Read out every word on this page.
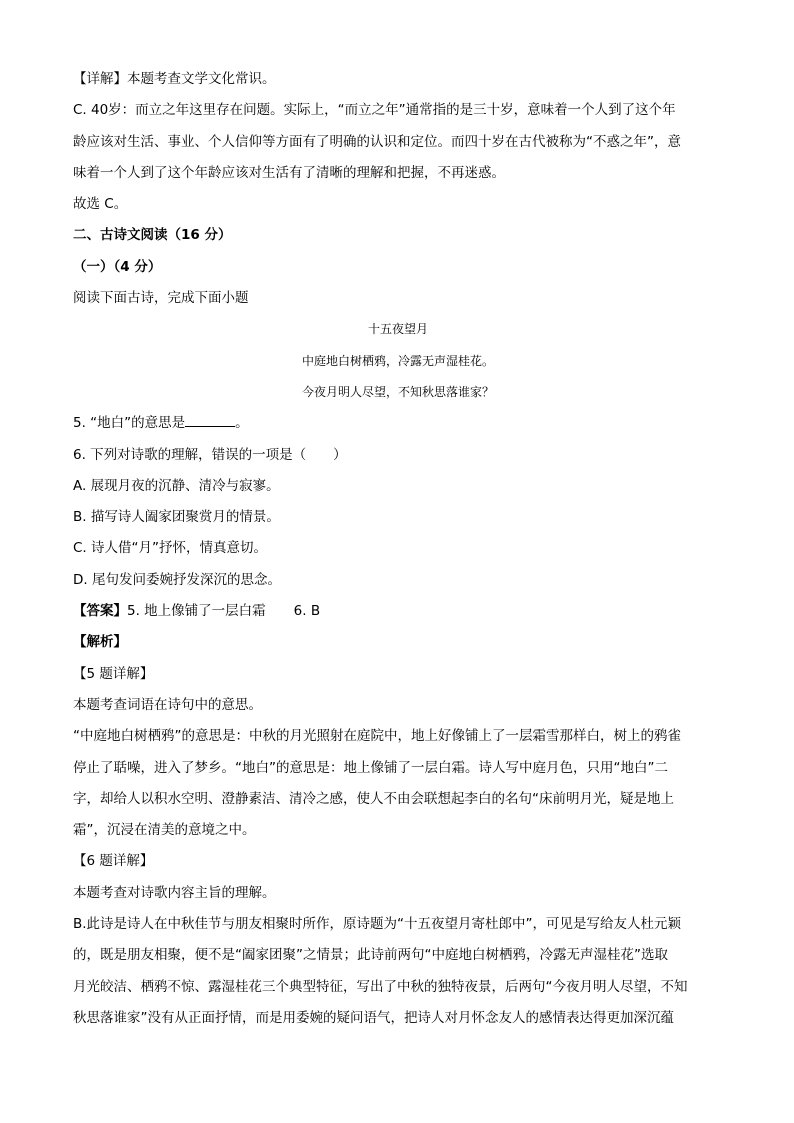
【详解】本题考查文学文化常识。
C. 40岁：而立之年这里存在问题。实际上，“而立之年”通常指的是三十岁，意味着一个人到了这个年
龄应该对生活、事业、个人信仰等方面有了明确的认识和定位。而四十岁在古代被称为“不惑之年”，意
味着一个人到了这个年龄应该对生活有了清晰的理解和把握，不再迷惑。
故选 C。
二、古诗文阅读（16 分）
（一）（4 分）
阅读下面古诗，完成下面小题
十五夜望月
中庭地白树栖鸦，冷露无声湿桂花。
今夜月明人尽望，不知秋思落谁家？
5. “地白”的意思是	。
6. 下列对诗歌的理解，错误的一项是（　　）
A. 展现月夜的沉静、清冷与寂寥。
B. 描写诗人阖家团聚赏月的情景。
C. 诗人借“月”抒怀，情真意切。
D. 尾句发问委婉抒发深沉的思念。
【答案】5. 地上像铺了一层白霜 6. B
【解析】
【5 题详解】
本题考查词语在诗句中的意思。
“中庭地白树栖鸦”的意思是：中秋的月光照射在庭院中，地上好像铺上了一层霜雪那样白，树上的鸦雀
停止了聒噪，进入了梦乡。“地白”的意思是：地上像铺了一层白霜。诗人写中庭月色，只用“地白”二
字，却给人以积水空明、澄静素洁、清冷之感，使人不由会联想起李白的名句“床前明月光，疑是地上
霜”，沉浸在清美的意境之中。
【6 题详解】
本题考查对诗歌内容主旨的理解。
B.此诗是诗人在中秋佳节与朋友相聚时所作，原诗题为“十五夜望月寄杜郎中”，可见是写给友人杜元颖
的，既是朋友相聚，便不是“阖家团聚”之情景；此诗前两句“中庭地白树栖鸦，冷露无声湿桂花”选取
月光皎洁、栖鸦不惊、露湿桂花三个典型特征，写出了中秋的独特夜景，后两句“今夜月明人尽望，不知
秋思落谁家”没有从正面抒情，而是用委婉的疑问语气，把诗人对月怀念友人的感情表达得更加深沉蕴
